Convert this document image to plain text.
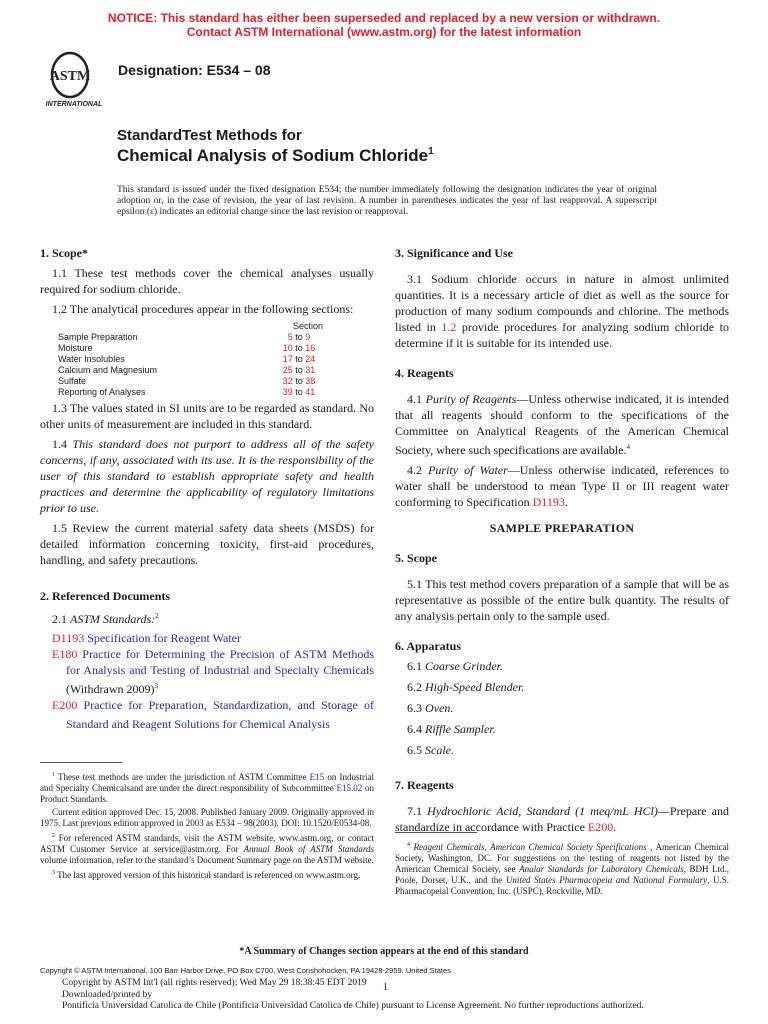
NOTICE: This standard has either been superseded and replaced by a new version or withdrawn.
Contact ASTM International (www.astm.org) for the latest information
ASTM
INTERNATIONAL
Designation: E534 – 08
StandardTest Methods for
Chemical Analysis of Sodium Chloride$^1$
This standard is issued under the fixed designation E534; the number immediately following the designation indicates the year of original adoption or, in the case of revision, the year of last revision. A number in parentheses indicates the year of last reapproval. A superscript epsilon (ε) indicates an editorial change since the last revision or reapproval.
1. Scope*

1.1 These test methods cover the chemical analyses usually required for sodium chloride.

1.2 The analytical procedures appear in the following sections:

Section
Sample Preparation	5 to 9
Moisture	10 to 16
Water Insolubles	17 to 24
Calcium and Magnesium	25 to 31
Sulfate	32 to 38
Reporting of Analyses	39 to 41

1.3 The values stated in SI units are to be regarded as standard. No other units of measurement are included in this standard.

1.4 This standard does not purport to address all of the safety concerns, if any, associated with its use. It is the responsibility of the user of this standard to establish appropriate safety and health practices and determine the applicability of regulatory limitations prior to use.

1.5 Review the current material safety data sheets (MSDS) for detailed information concerning toxicity, first-aid procedures, handling, and safety precautions.

2. Referenced Documents

2.1 ASTM Standards:$^2$

D1193 Specification for Reagent Water

E180 Practice for Determining the Precision of ASTM Methods for Analysis and Testing of Industrial and Specialty Chemicals (Withdrawn 2009)$^3$

E200 Practice for Preparation, Standardization, and Storage of Standard and Reagent Solutions for Chemical Analysis

$^1$ These test methods are under the jurisdiction of ASTM Committee E15 on Industrial and Specialty Chemicalsand are under the direct responsibility of Subcommittee E15.02 on Product Standards.

Current edition approved Dec. 15, 2008. Published January 2009. Originally approved in 1975. Last previous edition approved in 2003 as E534 – 98(2003). DOI: 10.1520/E0534-08.

$^2$ For referenced ASTM standards, visit the ASTM website, www.astm.org, or contact ASTM Customer Service at service@astm.org. For Annual Book of ASTM Standards volume information, refer to the standard’s Document Summary page on the ASTM website.

$^3$ The last approved version of this historical standard is referenced on www.astm.org.

3. Significance and Use

3.1 Sodium chloride occurs in nature in almost unlimited quantities. It is a necessary article of diet as well as the source for production of many sodium compounds and chlorine. The methods listed in 1.2 provide procedures for analyzing sodium chloride to determine if it is suitable for its intended use.

4. Reagents

4.1 Purity of Reagents—Unless otherwise indicated, it is intended that all reagents should conform to the specifications of the Committee on Analytical Reagents of the American Chemical Society, where such specifications are available.$^4$

4.2 Purity of Water—Unless otherwise indicated, references to water shall be understood to mean Type II or III reagent water conforming to Specification D1193.

SAMPLE PREPARATION

5. Scope

5.1 This test method covers preparation of a sample that will be as representative as possible of the entire bulk quantity. The results of any analysis pertain only to the sample used.

6. Apparatus

6.1 Coarse Grinder.

6.2 High-Speed Blender.

6.3 Oven.

6.4 Riffle Sampler.

6.5 Scale.

7. Reagents

7.1 Hydrochloric Acid, Standard (1 meq/mL HCl)—Prepare and standardize in accordance with Practice E200.

$^4$ Reagent Chemicals, American Chemical Society Specifications , American Chemical Society, Washington, DC. For suggestions on the testing of reagents not listed by the American Chemical Society, see Analar Standards for Laboratory Chemicals, BDH Ltd., Poole, Dorset, U.K., and the United States Pharmacopeia and National Formulary, U.S. Pharmacopeial Convention, Inc. (USPC), Rockville, MD.

*A Summary of Changes section appears at the end of this standard
Copyright © ASTM International, 100 Barr Harbor Drive, PO Box C700, West Conshohocken, PA 19428-2959. United States
Copyright by ASTM Int'l (all rights reserved); Wed May 29 18:38:45 EDT 2019
Downloaded/printed by
Pontificia Universidad Catolica de Chile (Pontificia Universidad Catolica de Chile) pursuant to License Agreement. No further reproductions authorized.
1
